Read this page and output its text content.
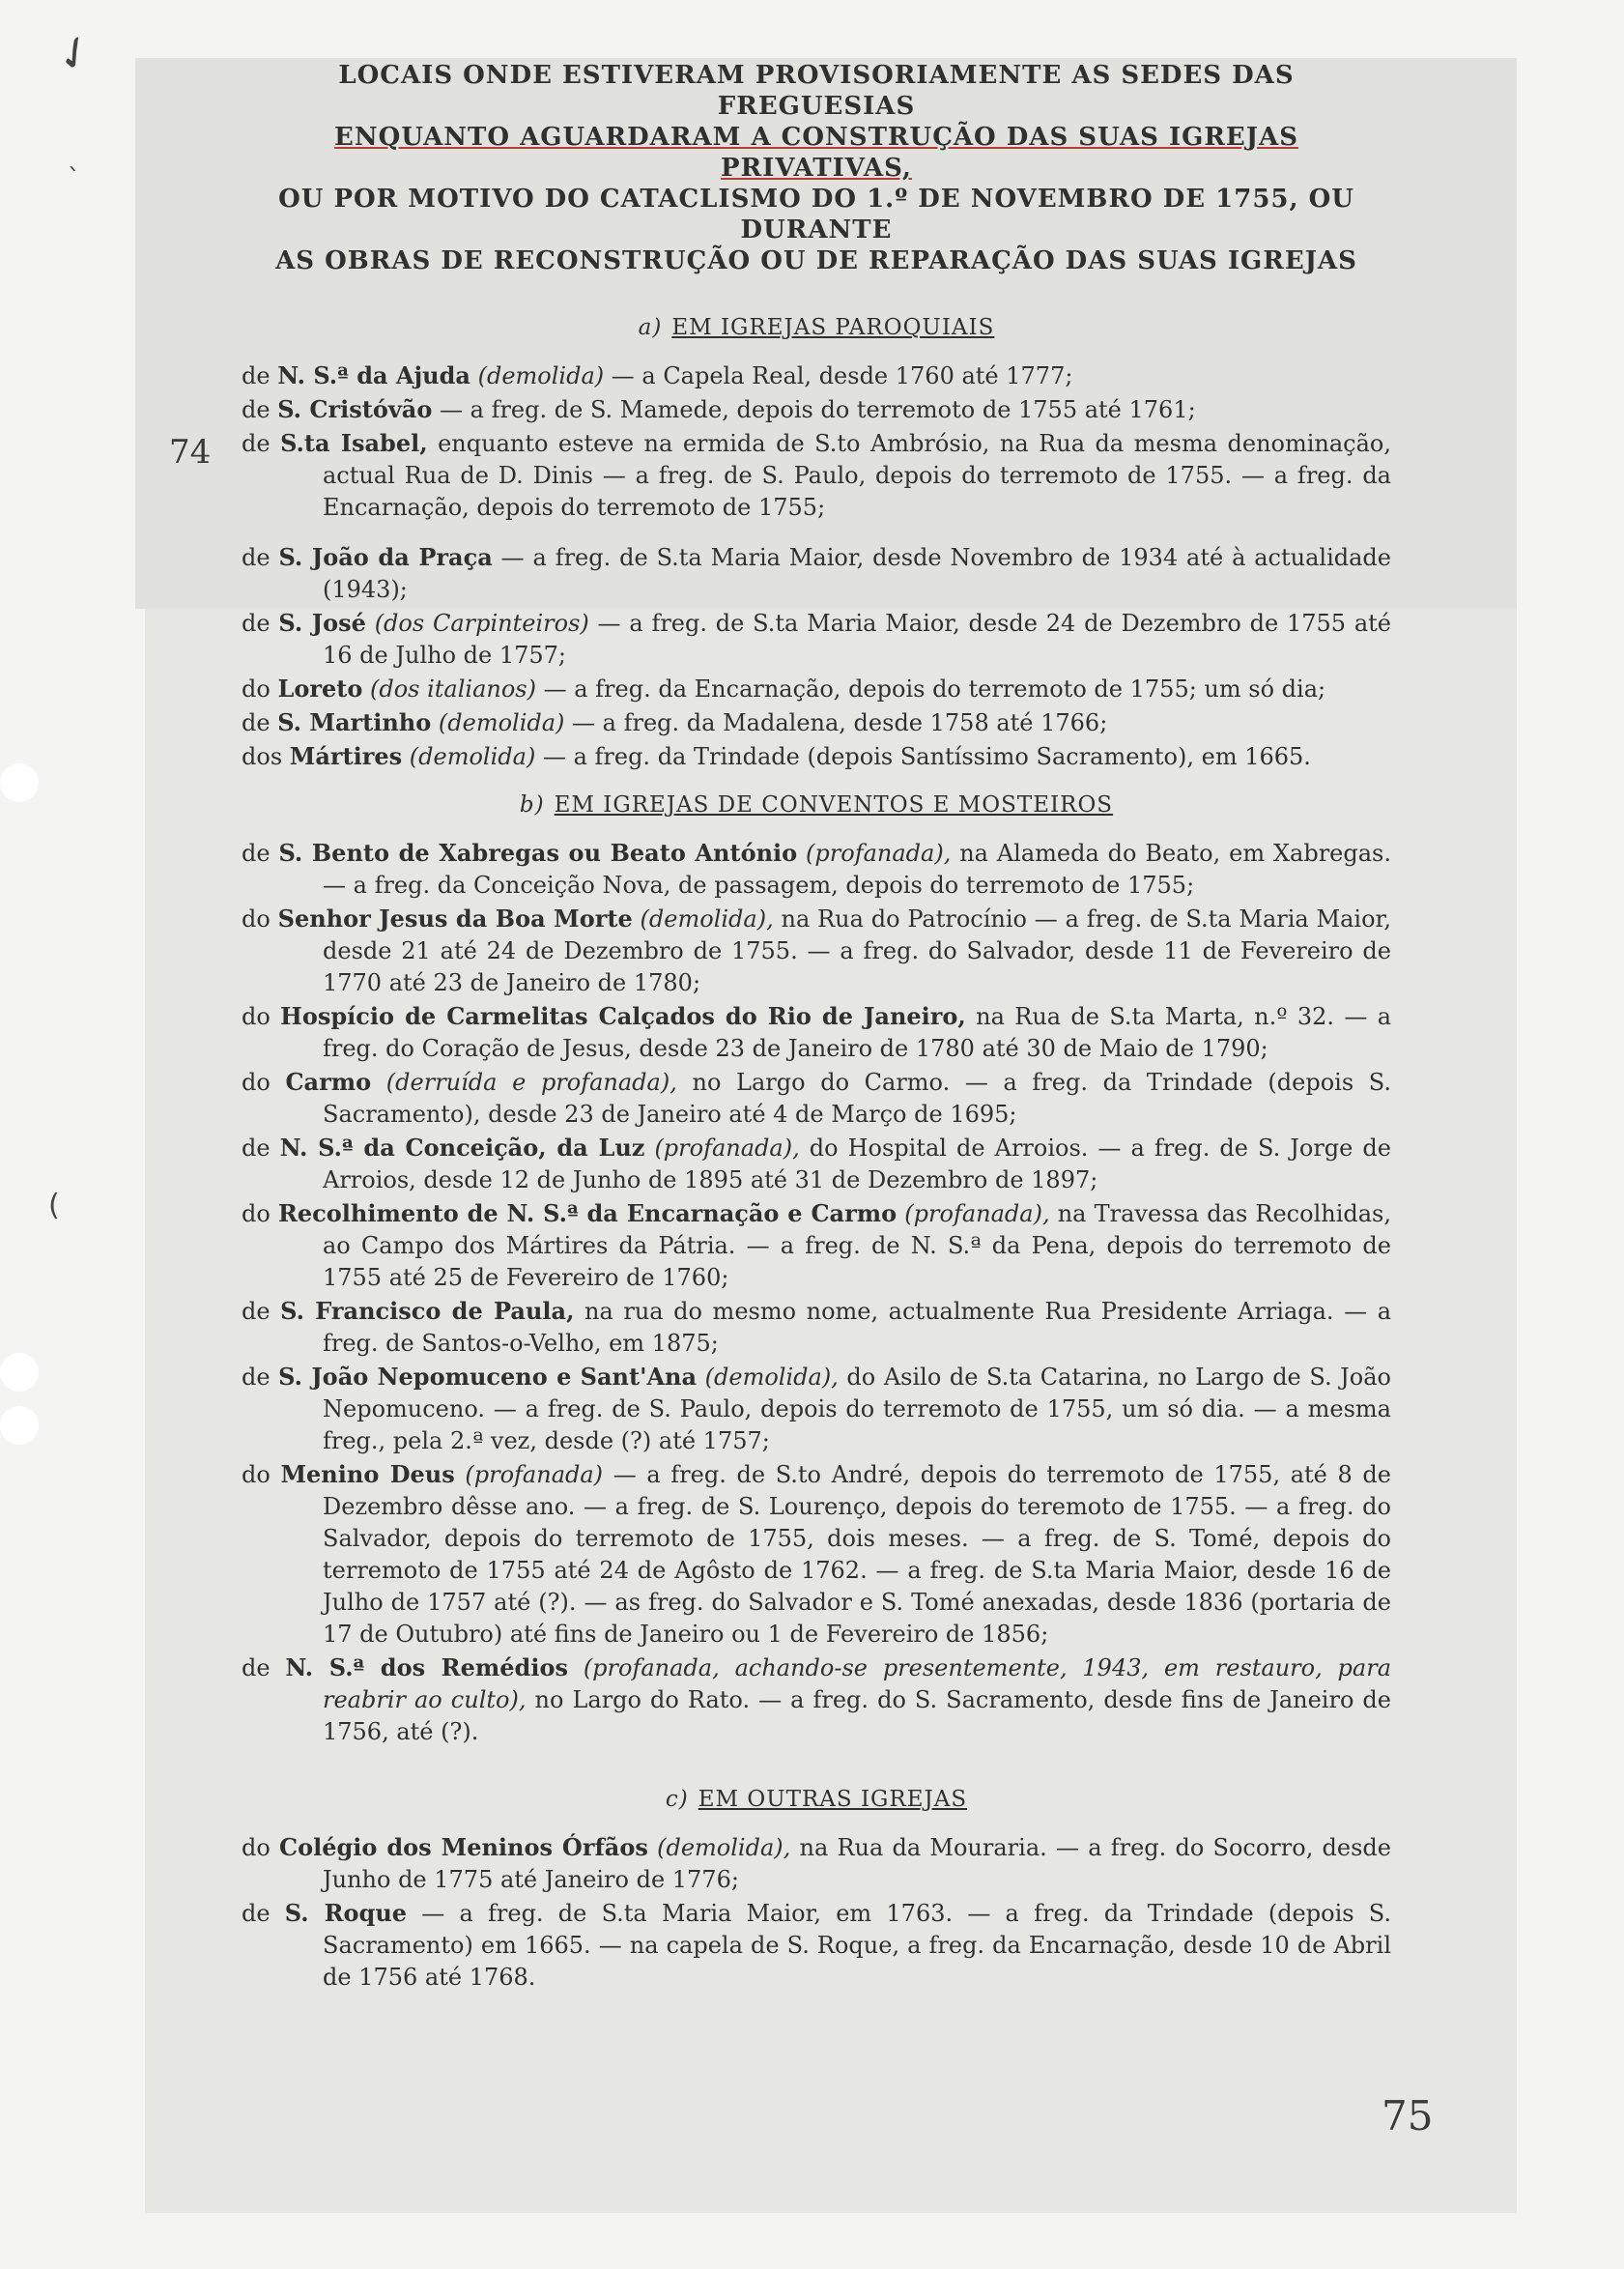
✓
`
(
74
75
LOCAIS ONDE ESTIVERAM PROVISORIAMENTE AS SEDES DAS FREGUESIAS
ENQUANTO AGUARDARAM A CONSTRUÇÃO DAS SUAS IGREJAS PRIVATIVAS,
OU POR MOTIVO DO CATACLISMO DO 1.º DE NOVEMBRO DE 1755, OU DURANTE
AS OBRAS DE RECONSTRUÇÃO OU DE REPARAÇÃO DAS SUAS IGREJAS
a) EM IGREJAS PAROQUIAIS

de N. S.ª da Ajuda (demolida) — a Capela Real, desde 1760 até 1777;

de S. Cristóvão — a freg. de S. Mamede, depois do terremoto de 1755 até 1761;

de S.ta Isabel, enquanto esteve na ermida de S.to Ambrósio, na Rua da mesma denominação, actual Rua de D. Dinis — a freg. de S. Paulo, depois do terremoto de 1755. — a freg. da Encarnação, depois do terremoto de 1755;

de S. João da Praça — a freg. de S.ta Maria Maior, desde Novembro de 1934 até à actualidade (1943);

de S. José (dos Carpinteiros) — a freg. de S.ta Maria Maior, desde 24 de Dezembro de 1755 até 16 de Julho de 1757;

do Loreto (dos italianos) — a freg. da Encarnação, depois do terremoto de 1755; um só dia;

de S. Martinho (demolida) — a freg. da Madalena, desde 1758 até 1766;

dos Mártires (demolida) — a freg. da Trindade (depois Santíssimo Sacramento), em 1665.

b) EM IGREJAS DE CONVENTOS E MOSTEIROS

de S. Bento de Xabregas ou Beato António (profanada), na Alameda do Beato, em Xabregas. — a freg. da Conceição Nova, de passagem, depois do terremoto de 1755;

do Senhor Jesus da Boa Morte (demolida), na Rua do Patrocínio — a freg. de S.ta Maria Maior, desde 21 até 24 de Dezembro de 1755. — a freg. do Salvador, desde 11 de Fevereiro de 1770 até 23 de Janeiro de 1780;

do Hospício de Carmelitas Calçados do Rio de Janeiro, na Rua de S.ta Marta, n.º 32. — a freg. do Coração de Jesus, desde 23 de Janeiro de 1780 até 30 de Maio de 1790;

do Carmo (derruída e profanada), no Largo do Carmo. — a freg. da Trindade (depois S. Sacramento), desde 23 de Janeiro até 4 de Março de 1695;

de N. S.ª da Conceição, da Luz (profanada), do Hospital de Arroios. — a freg. de S. Jorge de Arroios, desde 12 de Junho de 1895 até 31 de Dezembro de 1897;

do Recolhimento de N. S.ª da Encarnação e Carmo (profanada), na Travessa das Recolhidas, ao Campo dos Mártires da Pátria. — a freg. de N. S.ª da Pena, depois do terremoto de 1755 até 25 de Fevereiro de 1760;

de S. Francisco de Paula, na rua do mesmo nome, actualmente Rua Presidente Arriaga. — a freg. de Santos-o-Velho, em 1875;

de S. João Nepomuceno e Sant'Ana (demolida), do Asilo de S.ta Catarina, no Largo de S. João Nepomuceno. — a freg. de S. Paulo, depois do terremoto de 1755, um só dia. — a mesma freg., pela 2.ª vez, desde (?) até 1757;

do Menino Deus (profanada) — a freg. de S.to André, depois do terremoto de 1755, até 8 de Dezembro dêsse ano. — a freg. de S. Lourenço, depois do teremoto de 1755. — a freg. do Salvador, depois do terremoto de 1755, dois meses. — a freg. de S. Tomé, depois do terremoto de 1755 até 24 de Agôsto de 1762. — a freg. de S.ta Maria Maior, desde 16 de Julho de 1757 até (?). — as freg. do Salvador e S. Tomé anexadas, desde 1836 (portaria de 17 de Outubro) até fins de Janeiro ou 1 de Fevereiro de 1856;

de N. S.ª dos Remédios (profanada, achando-se presentemente, 1943, em restauro, para reabrir ao culto), no Largo do Rato. — a freg. do S. Sacramento, desde fins de Janeiro de 1756, até (?).

c) EM OUTRAS IGREJAS

do Colégio dos Meninos Órfãos (demolida), na Rua da Mouraria. — a freg. do Socorro, desde Junho de 1775 até Janeiro de 1776;

de S. Roque — a freg. de S.ta Maria Maior, em 1763. — a freg. da Trindade (depois S. Sacramento) em 1665. — na capela de S. Roque, a freg. da Encarnação, desde 10 de Abril de 1756 até 1768.
